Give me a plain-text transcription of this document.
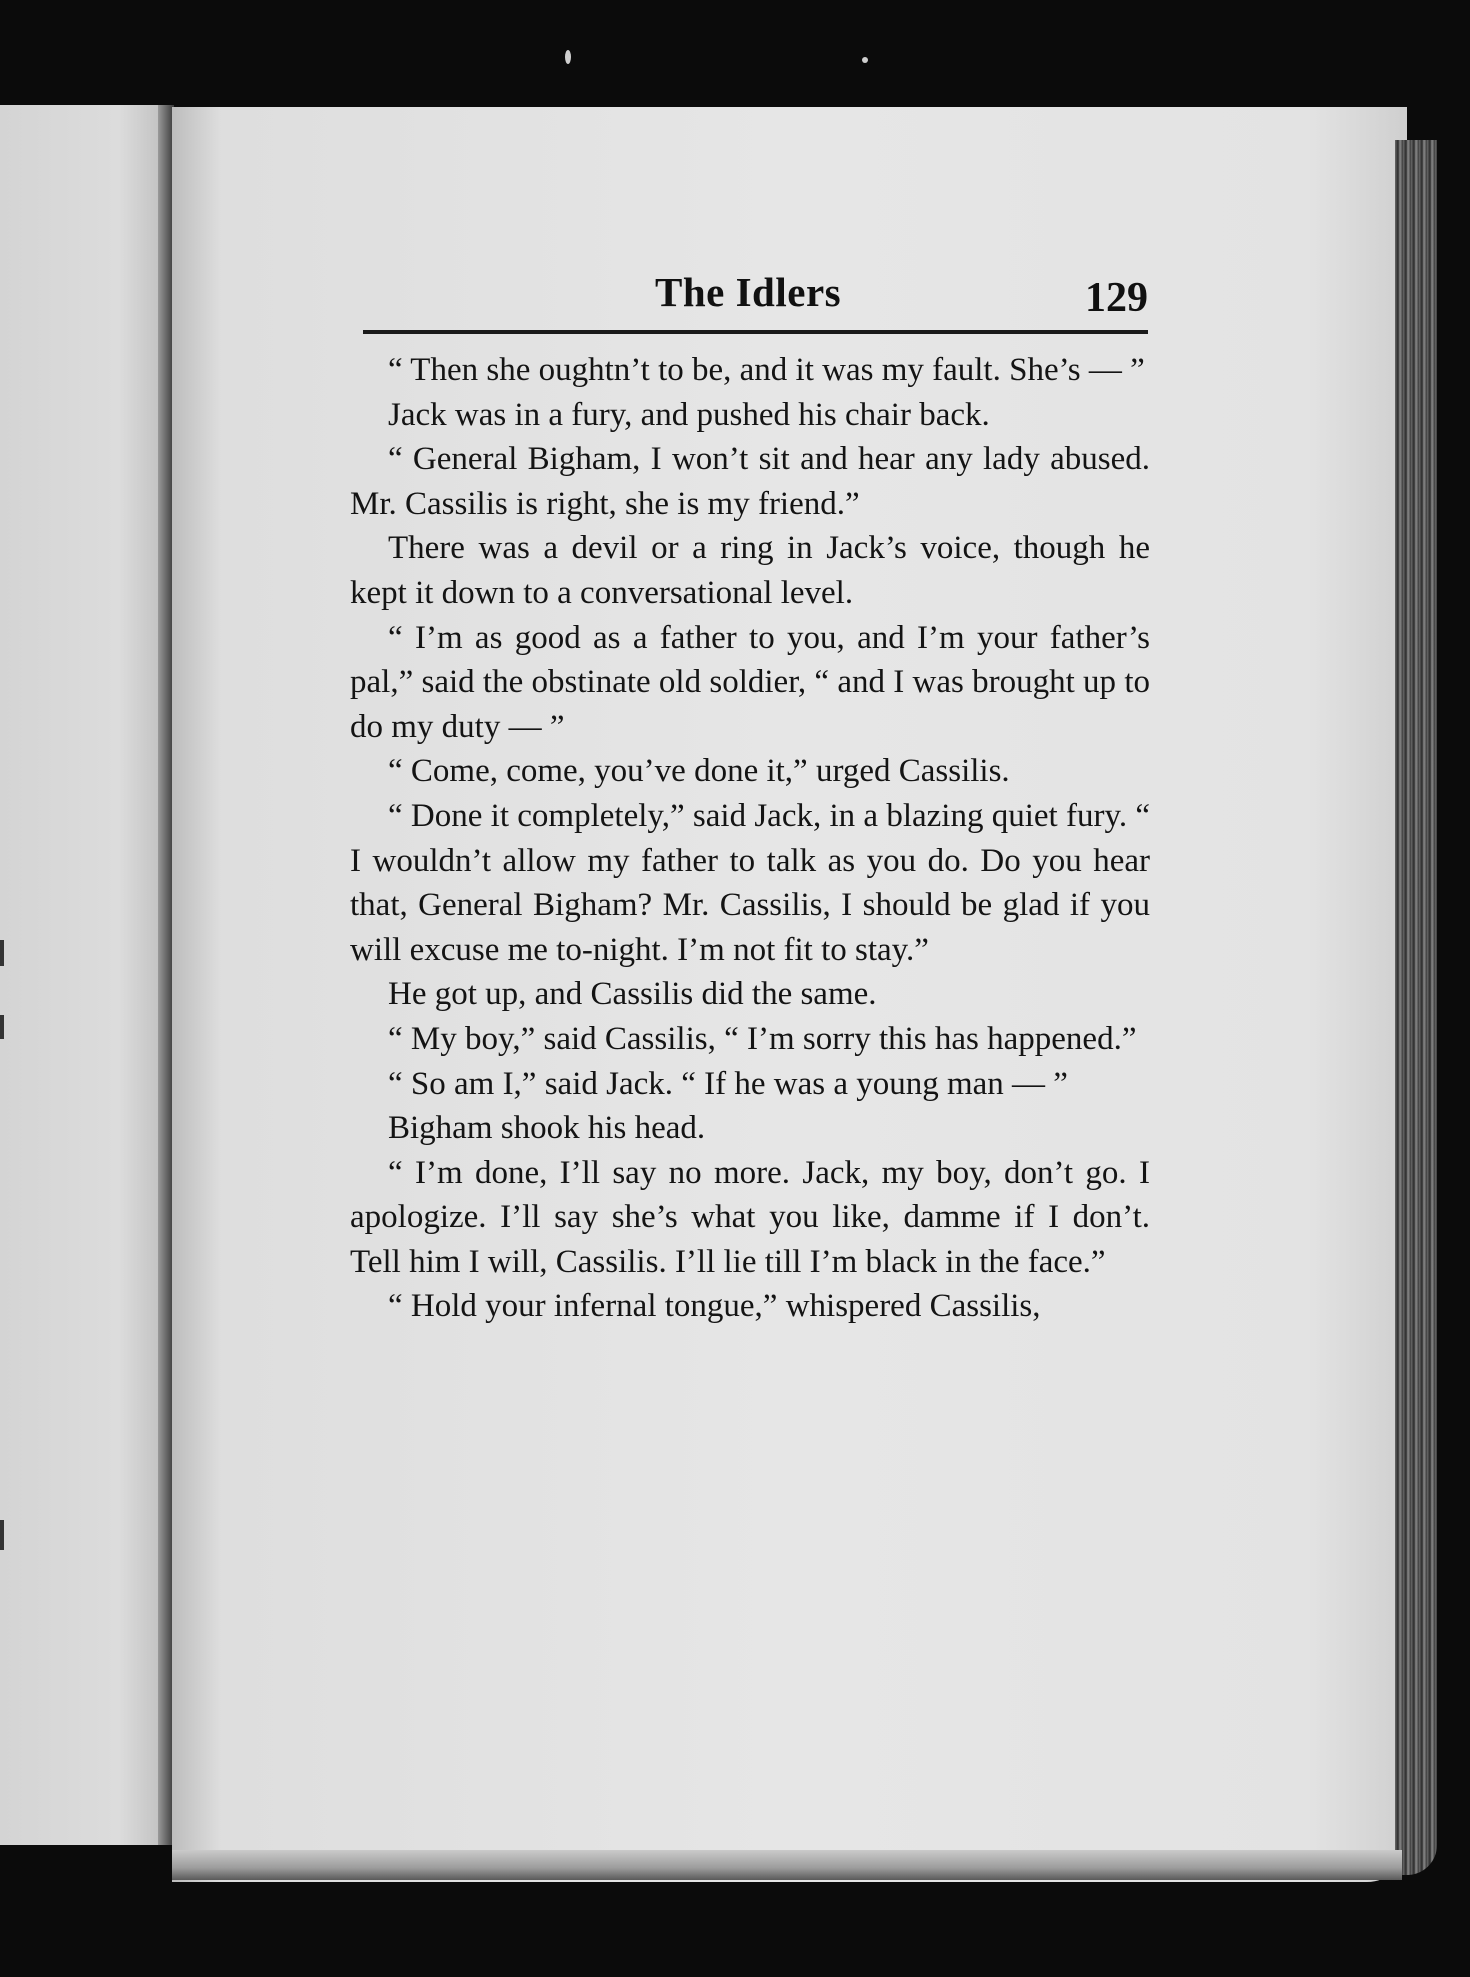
The Idlers	129

“ Then she oughtn’t to be, and it was my fault. She’s — ”

Jack was in a fury, and pushed his chair back.

“ General Bigham, I won’t sit and hear any lady abused. Mr. Cassilis is right, she is my friend.”

There was a devil or a ring in Jack’s voice, though he kept it down to a conversational level.

“ I’m as good as a father to you, and I’m your father’s pal,” said the obstinate old soldier, “ and I was brought up to do my duty — ”

“ Come, come, you’ve done it,” urged Cassilis.

“ Done it completely,” said Jack, in a blazing quiet fury. “ I wouldn’t allow my father to talk as you do. Do you hear that, General Bigham? Mr. Cassilis, I should be glad if you will excuse me to-night. I’m not fit to stay.”

He got up, and Cassilis did the same.

“ My boy,” said Cassilis, “ I’m sorry this has happened.”

“ So am I,” said Jack. “ If he was a young man — ”

Bigham shook his head.

“ I’m done, I’ll say no more. Jack, my boy, don’t go. I apologize. I’ll say she’s what you like, damme if I don’t. Tell him I will, Cassilis. I’ll lie till I’m black in the face.”

“ Hold your infernal tongue,” whispered Cassilis,
